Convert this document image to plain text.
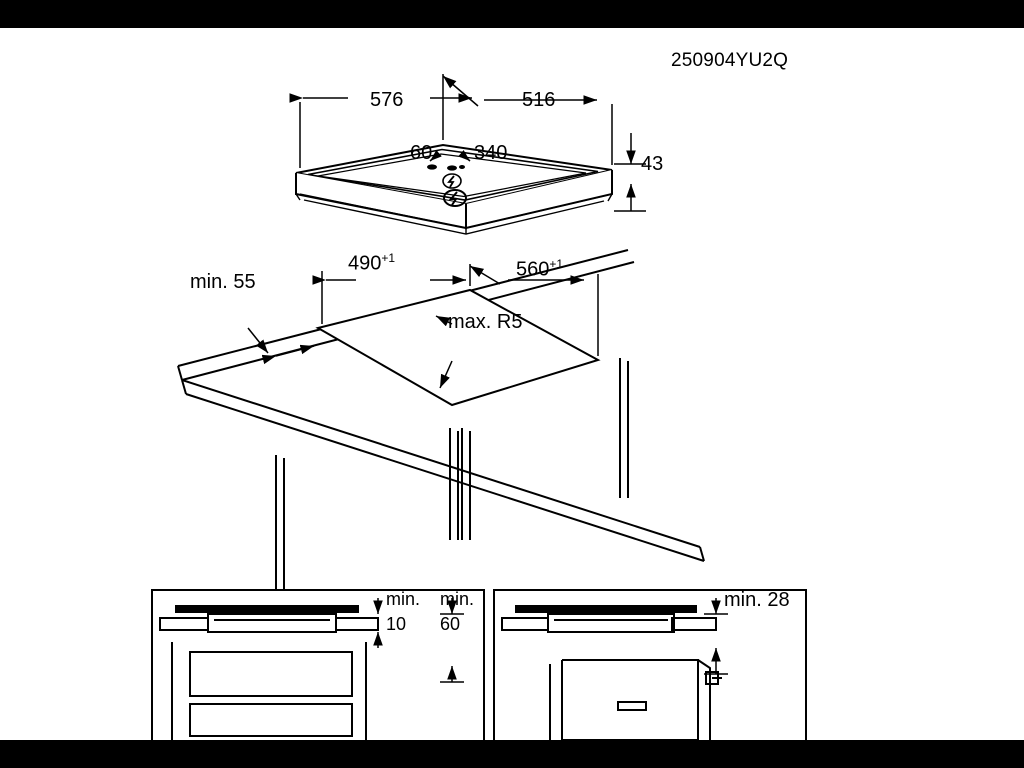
250904YU2Q
576	516
60 340	43
$490^{+1}$
$560^{+1}$
max. R5
min. 55
min.
10
min.
60
min. 28
